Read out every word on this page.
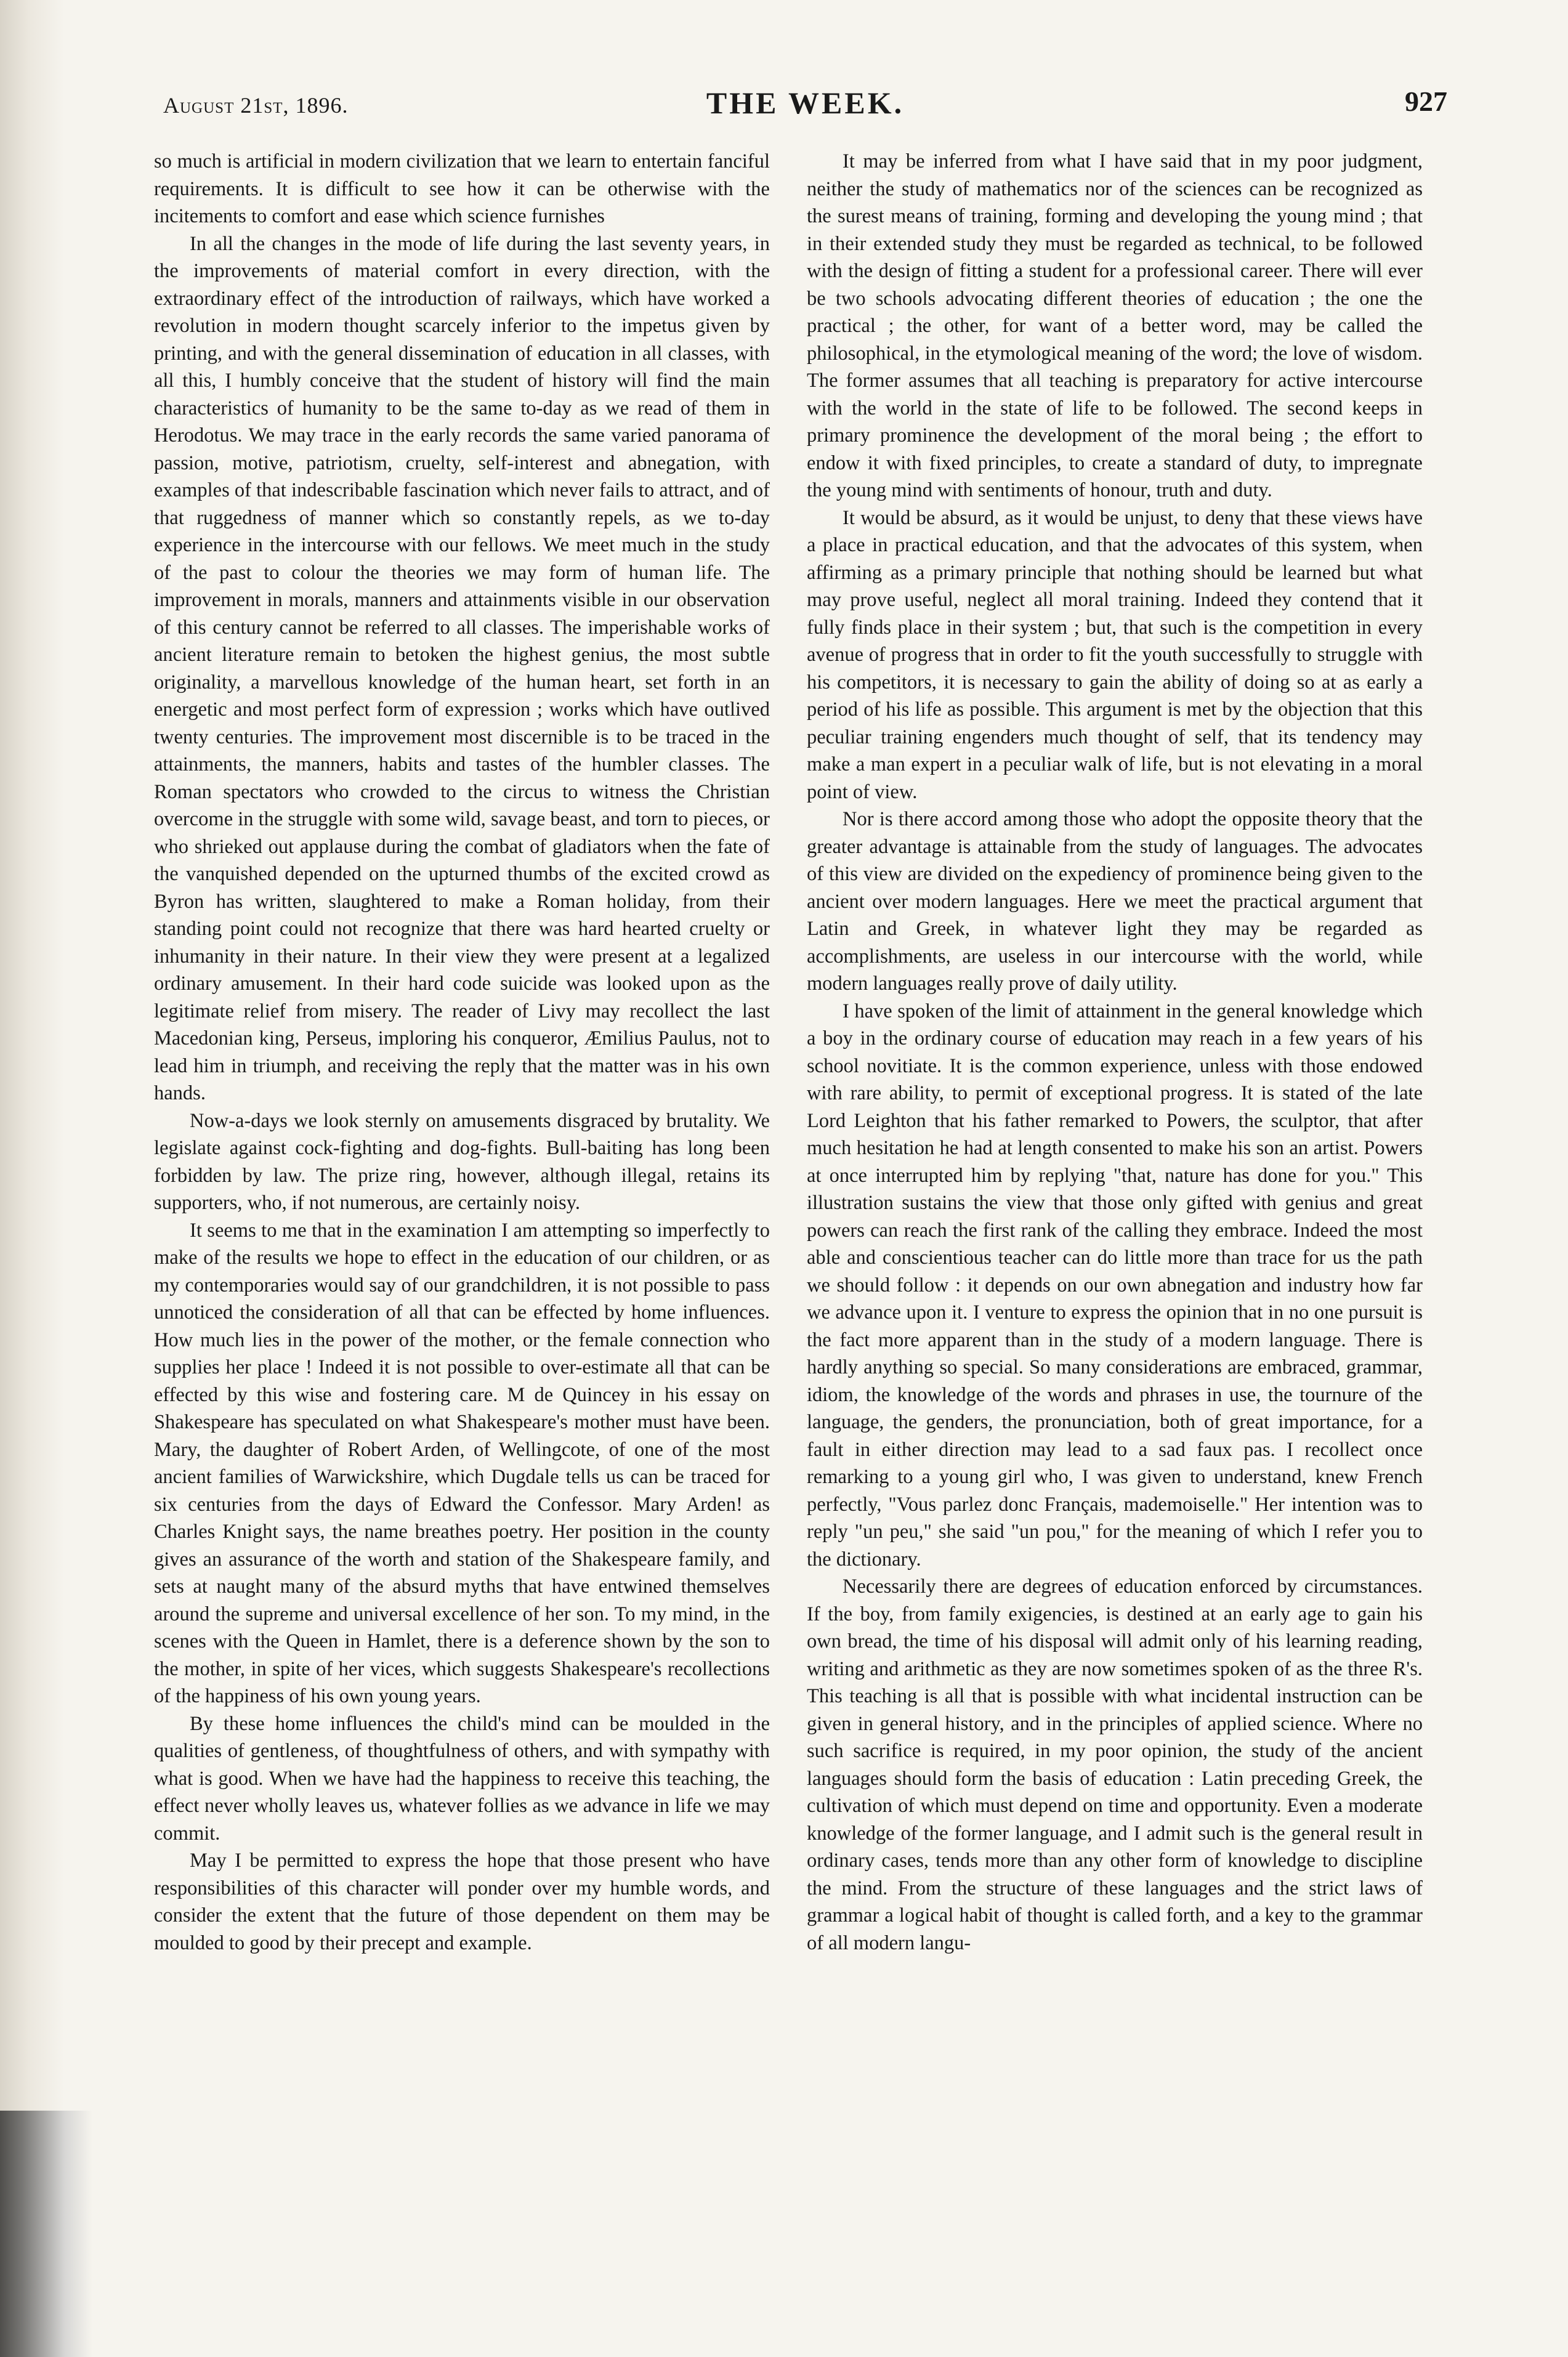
August 21st, 1896.	THE WEEK.	927

so much is artificial in modern civilization that we learn to entertain fanciful requirements. It is difficult to see how it can be otherwise with the incitements to comfort and ease which science furnishes

In all the changes in the mode of life during the last seventy years, in the improvements of material comfort in every direction, with the extraordinary effect of the introduction of railways, which have worked a revolution in modern thought scarcely inferior to the impetus given by printing, and with the general dissemination of education in all classes, with all this, I humbly conceive that the student of history will find the main characteristics of humanity to be the same to-day as we read of them in Herodotus. We may trace in the early records the same varied panorama of passion, motive, patriotism, cruelty, self-interest and abnegation, with examples of that indescribable fascination which never fails to attract, and of that ruggedness of manner which so constantly repels, as we to-day experience in the intercourse with our fellows. We meet much in the study of the past to colour the theories we may form of human life. The improvement in morals, manners and attainments visible in our observation of this century cannot be referred to all classes. The imperishable works of ancient literature remain to betoken the highest genius, the most subtle originality, a marvellous knowledge of the human heart, set forth in an energetic and most perfect form of expression ; works which have outlived twenty centuries. The improvement most discernible is to be traced in the attainments, the manners, habits and tastes of the humbler classes. The Roman spectators who crowded to the circus to witness the Christian overcome in the struggle with some wild, savage beast, and torn to pieces, or who shrieked out applause during the combat of gladiators when the fate of the vanquished depended on the upturned thumbs of the excited crowd as Byron has written, slaughtered to make a Roman holiday, from their standing point could not recognize that there was hard hearted cruelty or inhumanity in their nature. In their view they were present at a legalized ordinary amusement. In their hard code suicide was looked upon as the legitimate relief from misery. The reader of Livy may recollect the last Macedonian king, Perseus, imploring his conqueror, Æmilius Paulus, not to lead him in triumph, and receiving the reply that the matter was in his own hands.

Now-a-days we look sternly on amusements disgraced by brutality. We legislate against cock-fighting and dog-fights. Bull-baiting has long been forbidden by law. The prize ring, however, although illegal, retains its supporters, who, if not numerous, are certainly noisy.

It seems to me that in the examination I am attempting so imperfectly to make of the results we hope to effect in the education of our children, or as my contemporaries would say of our grandchildren, it is not possible to pass unnoticed the consideration of all that can be effected by home influences. How much lies in the power of the mother, or the female connection who supplies her place ! Indeed it is not possible to over-estimate all that can be effected by this wise and fostering care. M de Quincey in his essay on Shakespeare has speculated on what Shakespeare's mother must have been. Mary, the daughter of Robert Arden, of Wellingcote, of one of the most ancient families of Warwickshire, which Dugdale tells us can be traced for six centuries from the days of Edward the Confessor. Mary Arden! as Charles Knight says, the name breathes poetry. Her position in the county gives an assurance of the worth and station of the Shakespeare family, and sets at naught many of the absurd myths that have entwined themselves around the supreme and universal excellence of her son. To my mind, in the scenes with the Queen in Hamlet, there is a deference shown by the son to the mother, in spite of her vices, which suggests Shakespeare's recollections of the happiness of his own young years.

By these home influences the child's mind can be moulded in the qualities of gentleness, of thoughtfulness of others, and with sympathy with what is good. When we have had the happiness to receive this teaching, the effect never wholly leaves us, whatever follies as we advance in life we may commit.

May I be permitted to express the hope that those present who have responsibilities of this character will ponder over my humble words, and consider the extent that the future of those dependent on them may be moulded to good by their precept and example.

It may be inferred from what I have said that in my poor judgment, neither the study of mathematics nor of the sciences can be recognized as the surest means of training, forming and developing the young mind ; that in their extended study they must be regarded as technical, to be followed with the design of fitting a student for a professional career. There will ever be two schools advocating different theories of education ; the one the practical ; the other, for want of a better word, may be called the philosophical, in the etymological meaning of the word; the love of wisdom. The former assumes that all teaching is preparatory for active intercourse with the world in the state of life to be followed. The second keeps in primary prominence the development of the moral being ; the effort to endow it with fixed principles, to create a standard of duty, to impregnate the young mind with sentiments of honour, truth and duty.

It would be absurd, as it would be unjust, to deny that these views have a place in practical education, and that the advocates of this system, when affirming as a primary principle that nothing should be learned but what may prove useful, neglect all moral training. Indeed they contend that it fully finds place in their system ; but, that such is the competition in every avenue of progress that in order to fit the youth successfully to struggle with his competitors, it is necessary to gain the ability of doing so at as early a period of his life as possible. This argument is met by the objection that this peculiar training engenders much thought of self, that its tendency may make a man expert in a peculiar walk of life, but is not elevating in a moral point of view.

Nor is there accord among those who adopt the opposite theory that the greater advantage is attainable from the study of languages. The advocates of this view are divided on the expediency of prominence being given to the ancient over modern languages. Here we meet the practical argument that Latin and Greek, in whatever light they may be regarded as accomplishments, are useless in our intercourse with the world, while modern languages really prove of daily utility.

I have spoken of the limit of attainment in the general knowledge which a boy in the ordinary course of education may reach in a few years of his school novitiate. It is the common experience, unless with those endowed with rare ability, to permit of exceptional progress. It is stated of the late Lord Leighton that his father remarked to Powers, the sculptor, that after much hesitation he had at length consented to make his son an artist. Powers at once interrupted him by replying "that, nature has done for you." This illustration sustains the view that those only gifted with genius and great powers can reach the first rank of the calling they embrace. Indeed the most able and conscientious teacher can do little more than trace for us the path we should follow : it depends on our own abnegation and industry how far we advance upon it. I venture to express the opinion that in no one pursuit is the fact more apparent than in the study of a modern language. There is hardly anything so special. So many considerations are embraced, grammar, idiom, the knowledge of the words and phrases in use, the tournure of the language, the genders, the pronunciation, both of great importance, for a fault in either direction may lead to a sad faux pas. I recollect once remarking to a young girl who, I was given to understand, knew French perfectly, "Vous parlez donc Français, mademoiselle." Her intention was to reply "un peu," she said "un pou," for the meaning of which I refer you to the dictionary.

Necessarily there are degrees of education enforced by circumstances. If the boy, from family exigencies, is destined at an early age to gain his own bread, the time of his disposal will admit only of his learning reading, writing and arithmetic as they are now sometimes spoken of as the three R's. This teaching is all that is possible with what incidental instruction can be given in general history, and in the principles of applied science. Where no such sacrifice is required, in my poor opinion, the study of the ancient languages should form the basis of education : Latin preceding Greek, the cultivation of which must depend on time and opportunity. Even a moderate knowledge of the former language, and I admit such is the general result in ordinary cases, tends more than any other form of knowledge to discipline the mind. From the structure of these languages and the strict laws of grammar a logical habit of thought is called forth, and a key to the grammar of all modern langu-
